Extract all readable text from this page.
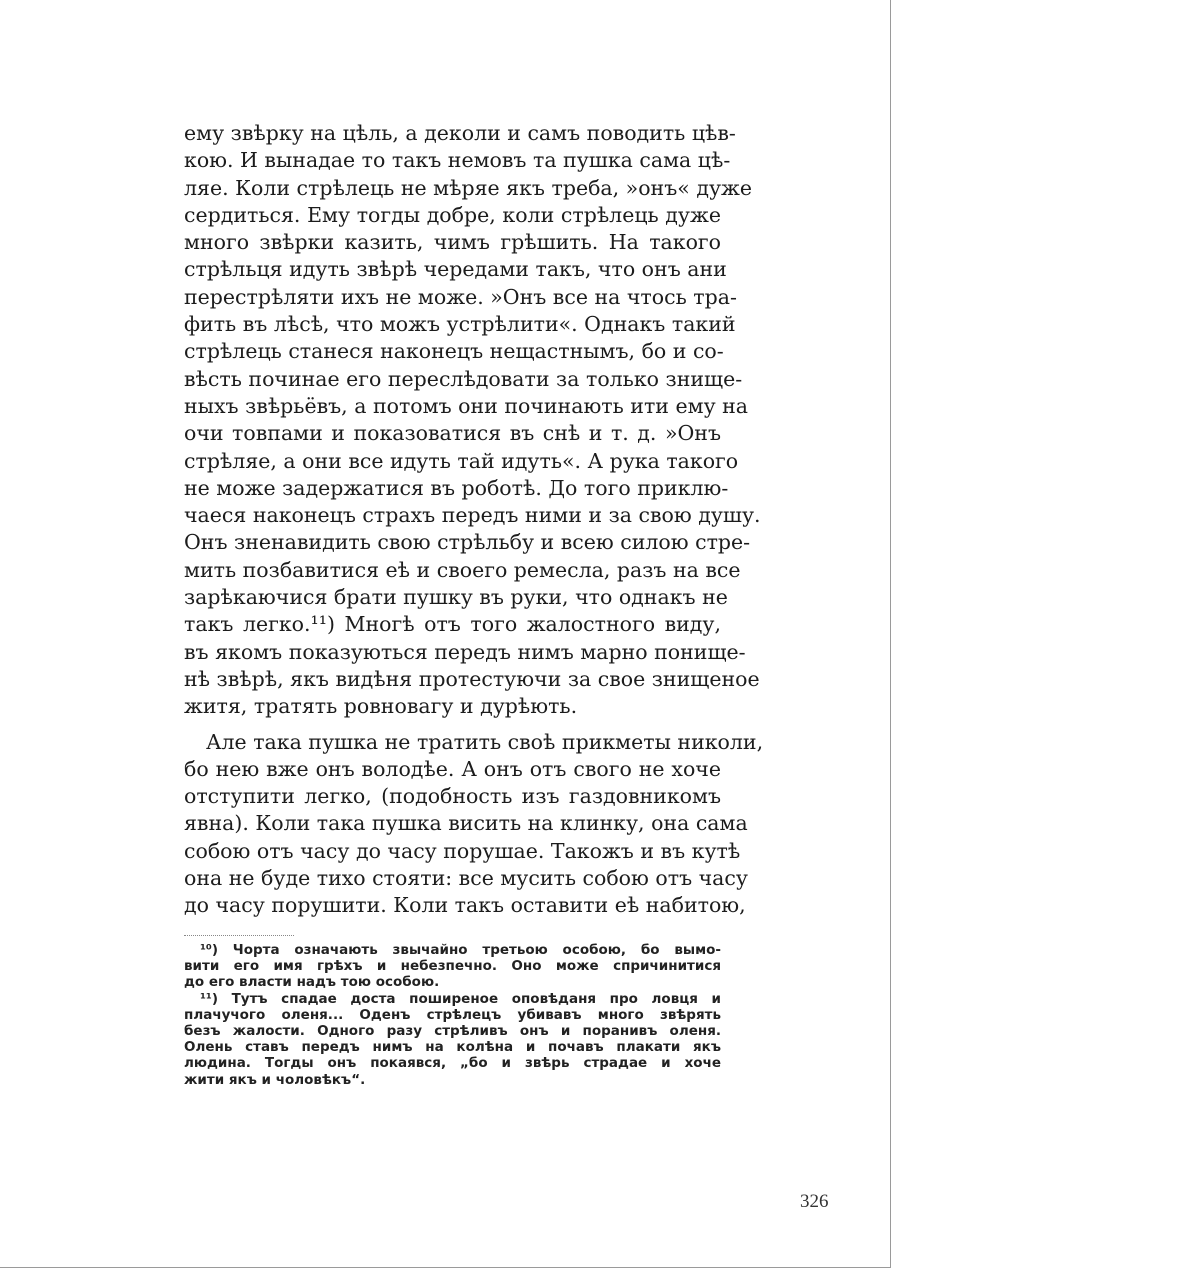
ему звѣрку на цѣль, а деколи и самъ поводить цѣв-
кою. И вынадае то такъ немовъ та пушка сама цѣ-
ляе. Коли стрѣлець не мѣряе якъ треба, »онъ« дуже
сердиться. Ему тогды добре, коли стрѣлець дуже
много звѣрки казить, чимъ грѣшить. На такого
стрѣльця идуть звѣрѣ чередами такъ, что онъ ани
перестрѣляти ихъ не може. »Онъ все на чтось тра-
фить въ лѣсѣ, что можъ устрѣлити«. Однакъ такий
стрѣлець станеся наконецъ нещастнымъ, бо и со-
вѣсть починае его переслѣдовати за только знище-
ныхъ звѣрьёвъ, а потомъ они починають ити ему на
очи товпами и показоватися въ снѣ и т. д. »Онъ
стрѣляе, а они все идуть тай идуть«. А рука такого
не може задержатися въ роботѣ. До того приклю-
чаеся наконецъ страхъ передъ ними и за свою душу.
Онъ зненавидить свою стрѣльбу и всею силою стре-
мить позбавитися еѣ и своего ремесла, разъ на все
зарѣкаючися брати пушку въ руки, что однакъ не
такъ легко.¹¹) Многѣ отъ того жалостного виду,
въ якомъ показуються передъ нимъ марно понище-
нѣ звѣрѣ, якъ видѣня протестуючи за свое знищеное
житя, тратять ровновагу и дурѣють.
Але така пушка не тратить своѣ прикметы николи,
бо нею вже онъ володѣе. А онъ отъ свого не хоче
отступити легко, (подобность изъ газдовникомъ
явна). Коли така пушка висить на клинку, она сама
собою отъ часу до часу порушае. Такожъ и въ кутѣ
она не буде тихо стояти: все мусить собою отъ часу
до часу порушити. Коли такъ оставити еѣ набитою,
¹⁰) Чорта означають звычайно третьою особою, бо вымо-
вити его имя грѣхъ и небезпечно. Оно може спричинитися
до его власти надъ тою особою.
¹¹) Тутъ спадае доста поширеное оповѣданя про ловця и
плачучого оленя... Оденъ стрѣлецъ убивавъ много звѣрять
безъ жалости. Одного разу стрѣливъ онъ и поранивъ оленя.
Олень ставъ передъ нимъ на колѣна и почавъ плакати якъ
людина. Тогды онъ покаявся, „бо и звѣрь страдае и хоче
жити якъ и чоловѣкъ“.
326
